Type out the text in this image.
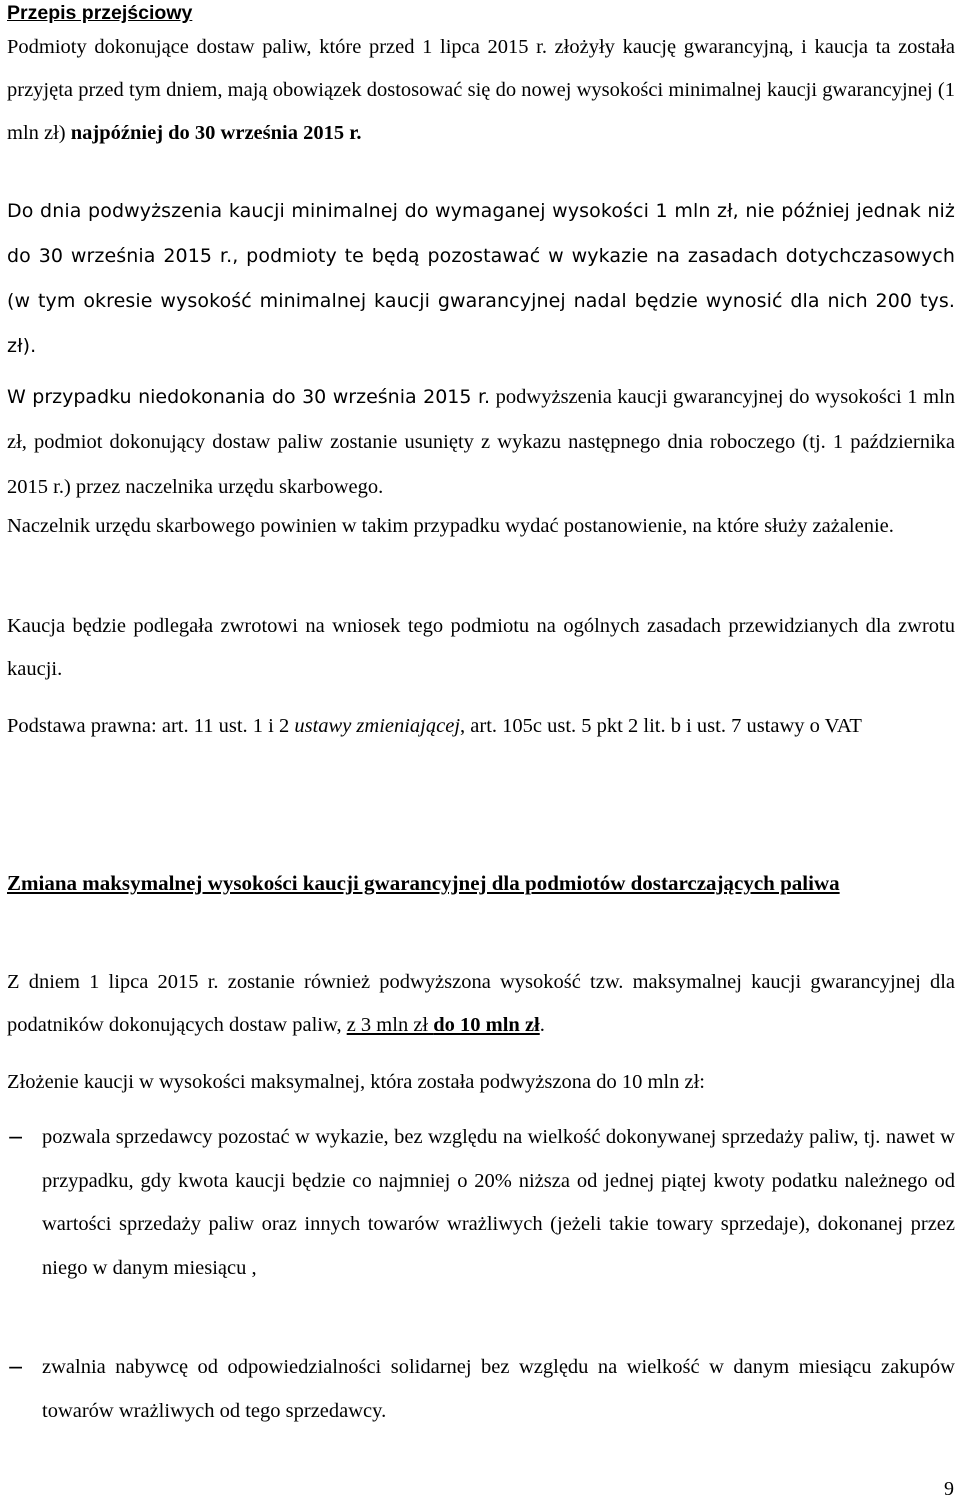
Przepis przejściowy

Podmioty dokonujące dostaw paliw, które przed 1 lipca 2015 r. złożyły kaucję gwarancyjną, i kaucja ta została przyjęta przed tym dniem, mają obowiązek dostosować się do nowej wysokości minimalnej kaucji gwarancyjnej (1 mln zł) najpóźniej do 30 września 2015 r.

Do dnia podwyższenia kaucji minimalnej do wymaganej wysokości 1 mln zł, nie później jednak niż do 30 września 2015 r., podmioty te będą pozostawać w wykazie na zasadach dotychczasowych (w tym okresie wysokość minimalnej kaucji gwarancyjnej nadal będzie wynosić dla nich 200 tys. zł).

W przypadku niedokonania do 30 września 2015 r. podwyższenia kaucji gwarancyjnej do wysokości 1 mln zł, podmiot dokonujący dostaw paliw zostanie usunięty z wykazu następnego dnia roboczego (tj. 1 października 2015 r.) przez naczelnika urzędu skarbowego.

Naczelnik urzędu skarbowego powinien w takim przypadku wydać postanowienie, na które służy zażalenie.

Kaucja będzie podlegała zwrotowi na wniosek tego podmiotu na ogólnych zasadach przewidzianych dla zwrotu kaucji.

Podstawa prawna: art. 11 ust. 1 i 2 ustawy zmieniającej, art. 105c ust. 5 pkt 2 lit. b i ust. 7 ustawy o VAT

Zmiana maksymalnej wysokości kaucji gwarancyjnej dla podmiotów dostarczających paliwa

Z dniem 1 lipca 2015 r. zostanie również podwyższona wysokość tzw. maksymalnej kaucji gwarancyjnej dla podatników dokonujących dostaw paliw, z 3 mln zł do 10 mln zł.

Złożenie kaucji w wysokości maksymalnej, która została podwyższona do 10 mln zł:

− pozwala sprzedawcy pozostać w wykazie, bez względu na wielkość dokonywanej sprzedaży paliw, tj. nawet w przypadku, gdy kwota kaucji będzie co najmniej o 20% niższa od jednej piątej kwoty podatku należnego od wartości sprzedaży paliw oraz innych towarów wrażliwych (jeżeli takie towary sprzedaje), dokonanej przez niego w danym miesiącu ,

− zwalnia nabywcę od odpowiedzialności solidarnej bez względu na wielkość w danym miesiącu zakupów towarów wrażliwych od tego sprzedawcy.

9
